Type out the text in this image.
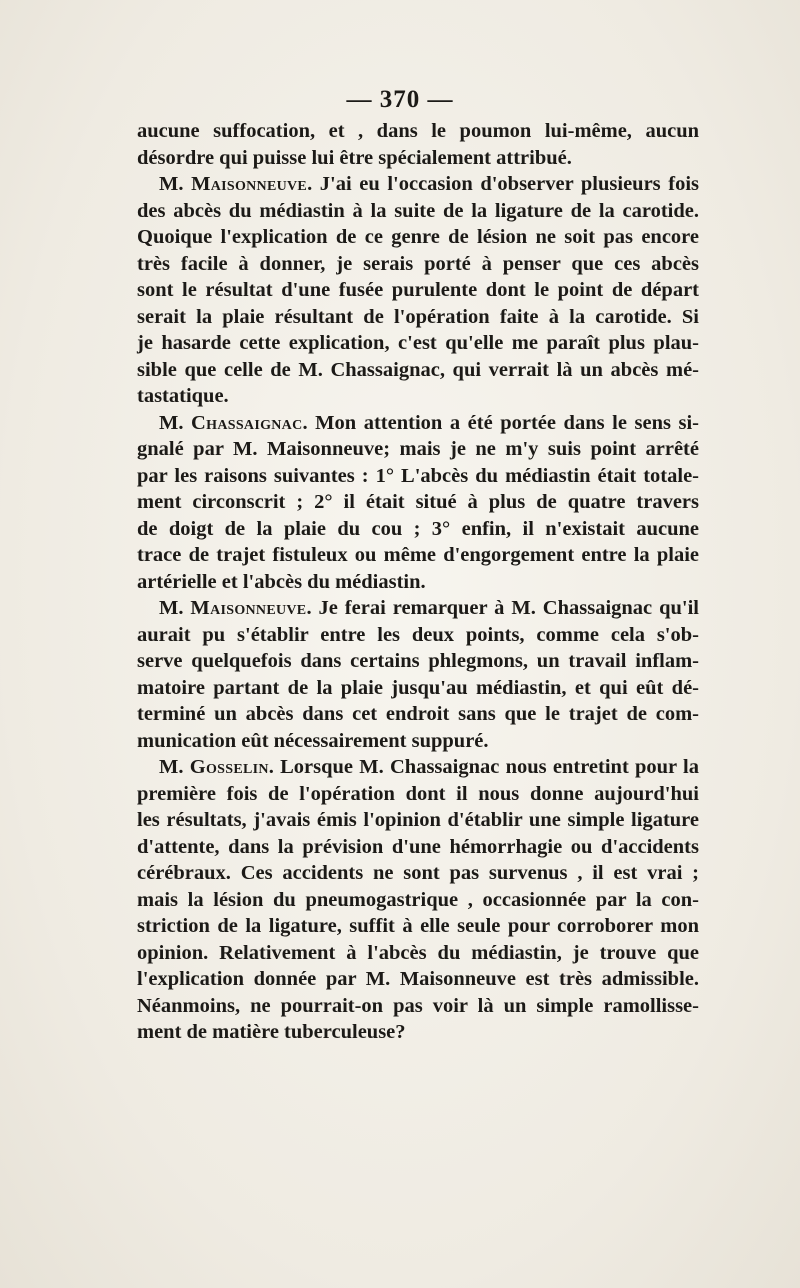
— 370 —
aucune suffocation, et , dans le poumon lui-même, aucun
désordre qui puisse lui être spécialement attribué.
M. Maisonneuve. J'ai eu l'occasion d'observer plusieurs fois
des abcès du médiastin à la suite de la ligature de la carotide.
Quoique l'explication de ce genre de lésion ne soit pas encore
très facile à donner, je serais porté à penser que ces abcès
sont le résultat d'une fusée purulente dont le point de départ
serait la plaie résultant de l'opération faite à la carotide. Si
je hasarde cette explication, c'est qu'elle me paraît plus plau-
sible que celle de M. Chassaignac, qui verrait là un abcès mé-
tastatique.
M. Chassaignac. Mon attention a été portée dans le sens si-
gnalé par M. Maisonneuve; mais je ne m'y suis point arrêté
par les raisons suivantes : 1° L'abcès du médiastin était totale-
ment circonscrit ; 2° il était situé à plus de quatre travers
de doigt de la plaie du cou ; 3° enfin, il n'existait aucune
trace de trajet fistuleux ou même d'engorgement entre la plaie
artérielle et l'abcès du médiastin.
M. Maisonneuve. Je ferai remarquer à M. Chassaignac qu'il
aurait pu s'établir entre les deux points, comme cela s'ob-
serve quelquefois dans certains phlegmons, un travail inflam-
matoire partant de la plaie jusqu'au médiastin, et qui eût dé-
terminé un abcès dans cet endroit sans que le trajet de com-
munication eût nécessairement suppuré.
M. Gosselin. Lorsque M. Chassaignac nous entretint pour la
première fois de l'opération dont il nous donne aujourd'hui
les résultats, j'avais émis l'opinion d'établir une simple ligature
d'attente, dans la prévision d'une hémorrhagie ou d'accidents
cérébraux. Ces accidents ne sont pas survenus , il est vrai ;
mais la lésion du pneumogastrique , occasionnée par la con-
striction de la ligature, suffit à elle seule pour corroborer mon
opinion. Relativement à l'abcès du médiastin, je trouve que
l'explication donnée par M. Maisonneuve est très admissible.
Néanmoins, ne pourrait-on pas voir là un simple ramollisse-
ment de matière tuberculeuse?
